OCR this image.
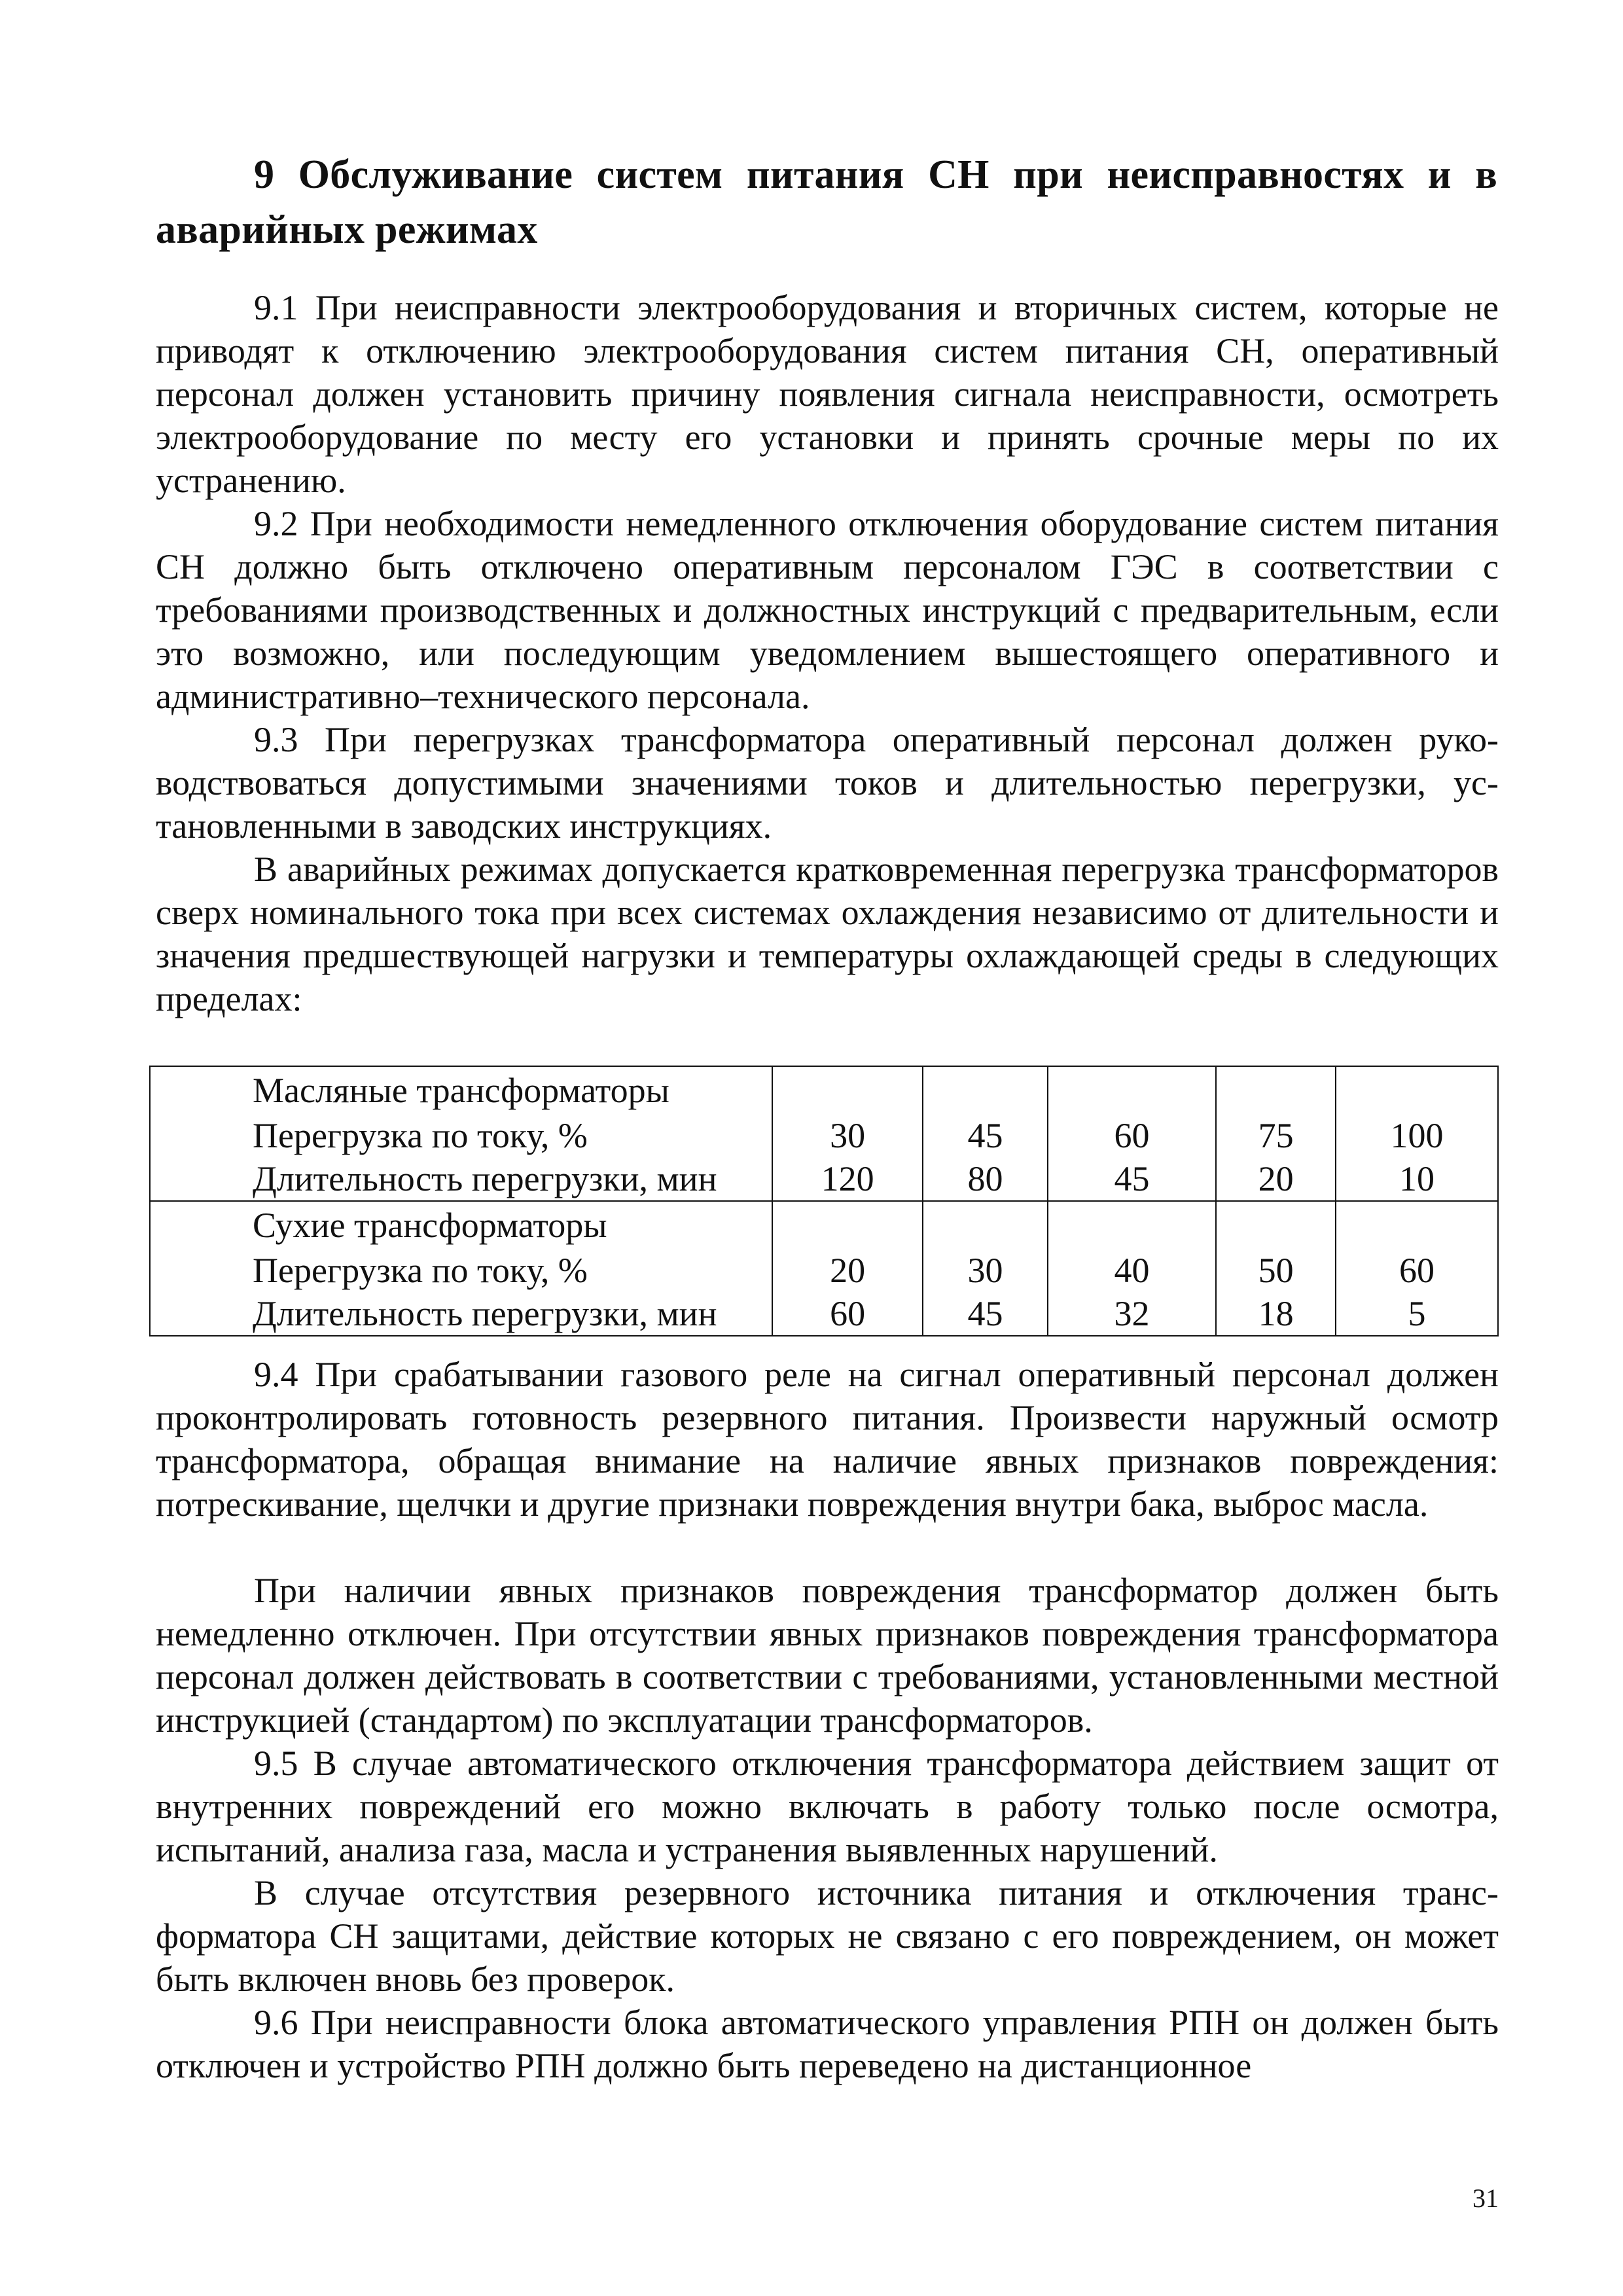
9 Обслуживание систем питания СН при неисправностях и в аварийных режимах

9.1 При неисправности электрооборудования и вторичных систем, которые не приводят к отключению электрооборудования систем питания СН, оперативный персонал должен установить причину появления сигнала неисправности, осмотреть электрооборудование по месту его установки и принять срочные меры по их устранению.

9.2 При необходимости немедленного отключения оборудование систем питания СН должно быть отключено оперативным персоналом ГЭС в соответствии с требованиями производственных и должностных инструкций с предварительным, если это возможно, или последующим уведомлением вышестоящего оперативного и административно–технического персонала.

9.3 При перегрузках трансформатора оперативный персонал должен руководствоваться допустимыми значениями токов и длительностью перегрузки, установленными в заводских инструкциях.

В аварийных режимах допускается кратковременная перегрузка трансформаторов сверх номинального тока при всех системах охлаждения независимо от длительности и значения предшествующей нагрузки и температуры охлаждающей среды в следующих пределах:

Масляные трансформаторы					
Перегрузка по току, %	30	45	60	75	100
Длительность перегрузки, мин	120	80	45	20	10
Сухие трансформаторы					
Перегрузка по току, %	20	30	40	50	60
Длительность перегрузки, мин	60	45	32	18	5

9.4 При срабатывании газового реле на сигнал оперативный персонал должен проконтролировать готовность резервного питания. Произвести наружный осмотр трансформатора, обращая внимание на наличие явных признаков повреждения: потрескивание, щелчки и другие признаки повреждения внутри бака, выброс масла.

При наличии явных признаков повреждения трансформатор должен быть немедленно отключен. При отсутствии явных признаков повреждения трансформатора персонал должен действовать в соответствии с требованиями, установленными местной инструкцией (стандартом) по эксплуатации трансформаторов.

9.5 В случае автоматического отключения трансформатора действием защит от внутренних повреждений его можно включать в работу только после осмотра, испытаний, анализа газа, масла и устранения выявленных нарушений.

В случае отсутствия резервного источника питания и отключения трансформатора СН защитами, действие которых не связано с его повреждением, он может быть включен вновь без проверок.

9.6 При неисправности блока автоматического управления РПН он должен быть отключен и устройство РПН должно быть переведено на дистанционное

31
